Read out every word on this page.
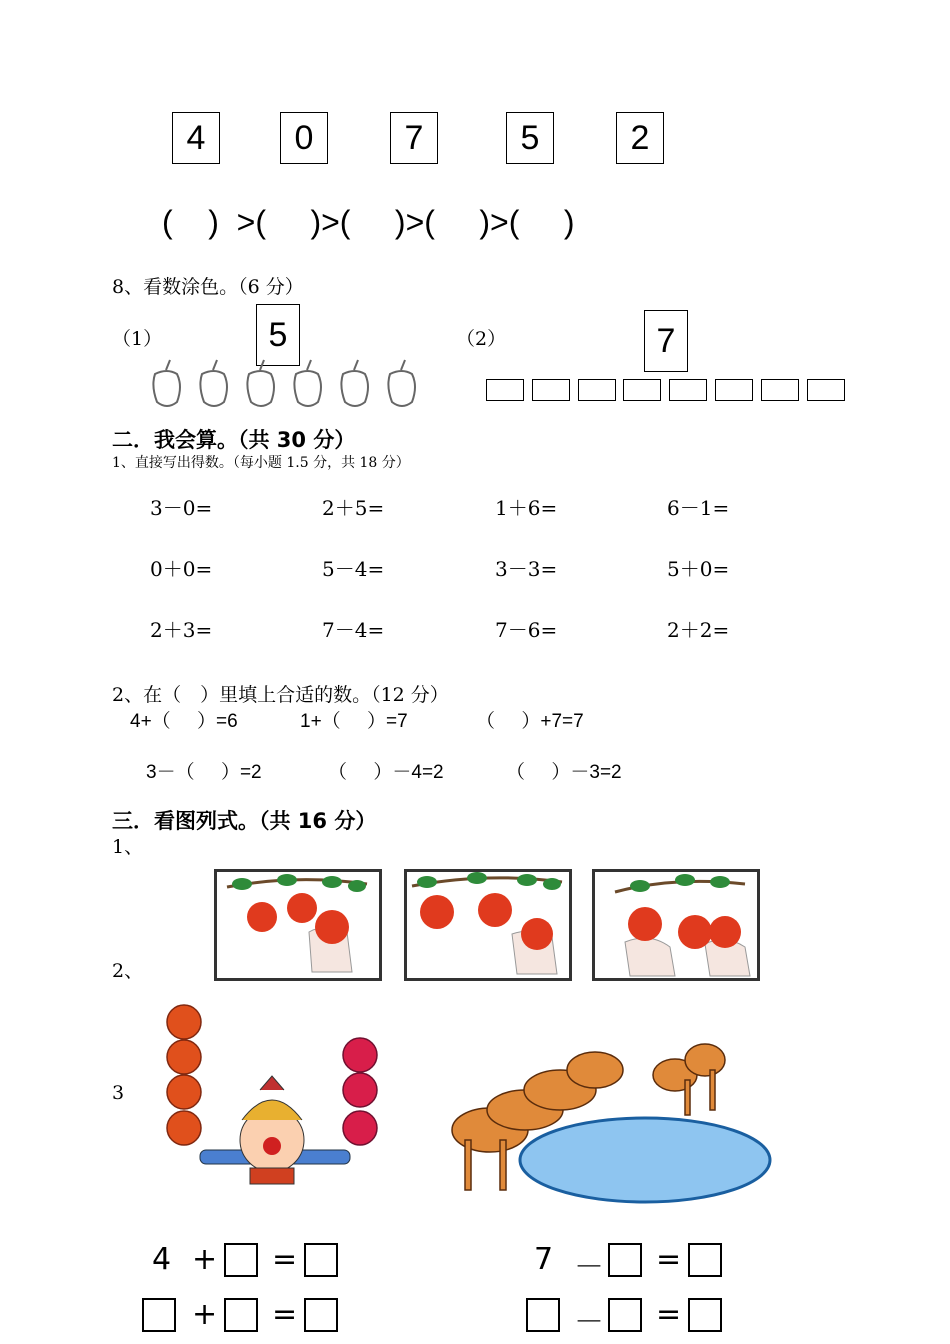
4	0	7	5	2
(    )  >(     )>(     )>(     )>(     )
8、看数涂色。（6 分）
（1）	5	（2）	7
二．我会算。（共 30 分）
1、直接写出得数。（每小题 1.5 分，共 18 分）
3－0=	2＋5=	1＋6=	6－1=
0＋0=	5－4=	3－3=	5＋0=
2＋3=	7－4=	7－6=	2＋2=
2、在（　）里填上合适的数。（12 分）
4+（     ）=6	1+（     ）=7	（     ）+7=7
3－（     ）=2	（     ）－4=2	（     ）－3=2
三．看图列式。（共 16 分）
1、
2、
3
4 + =	7 － =
+ =	－ =
